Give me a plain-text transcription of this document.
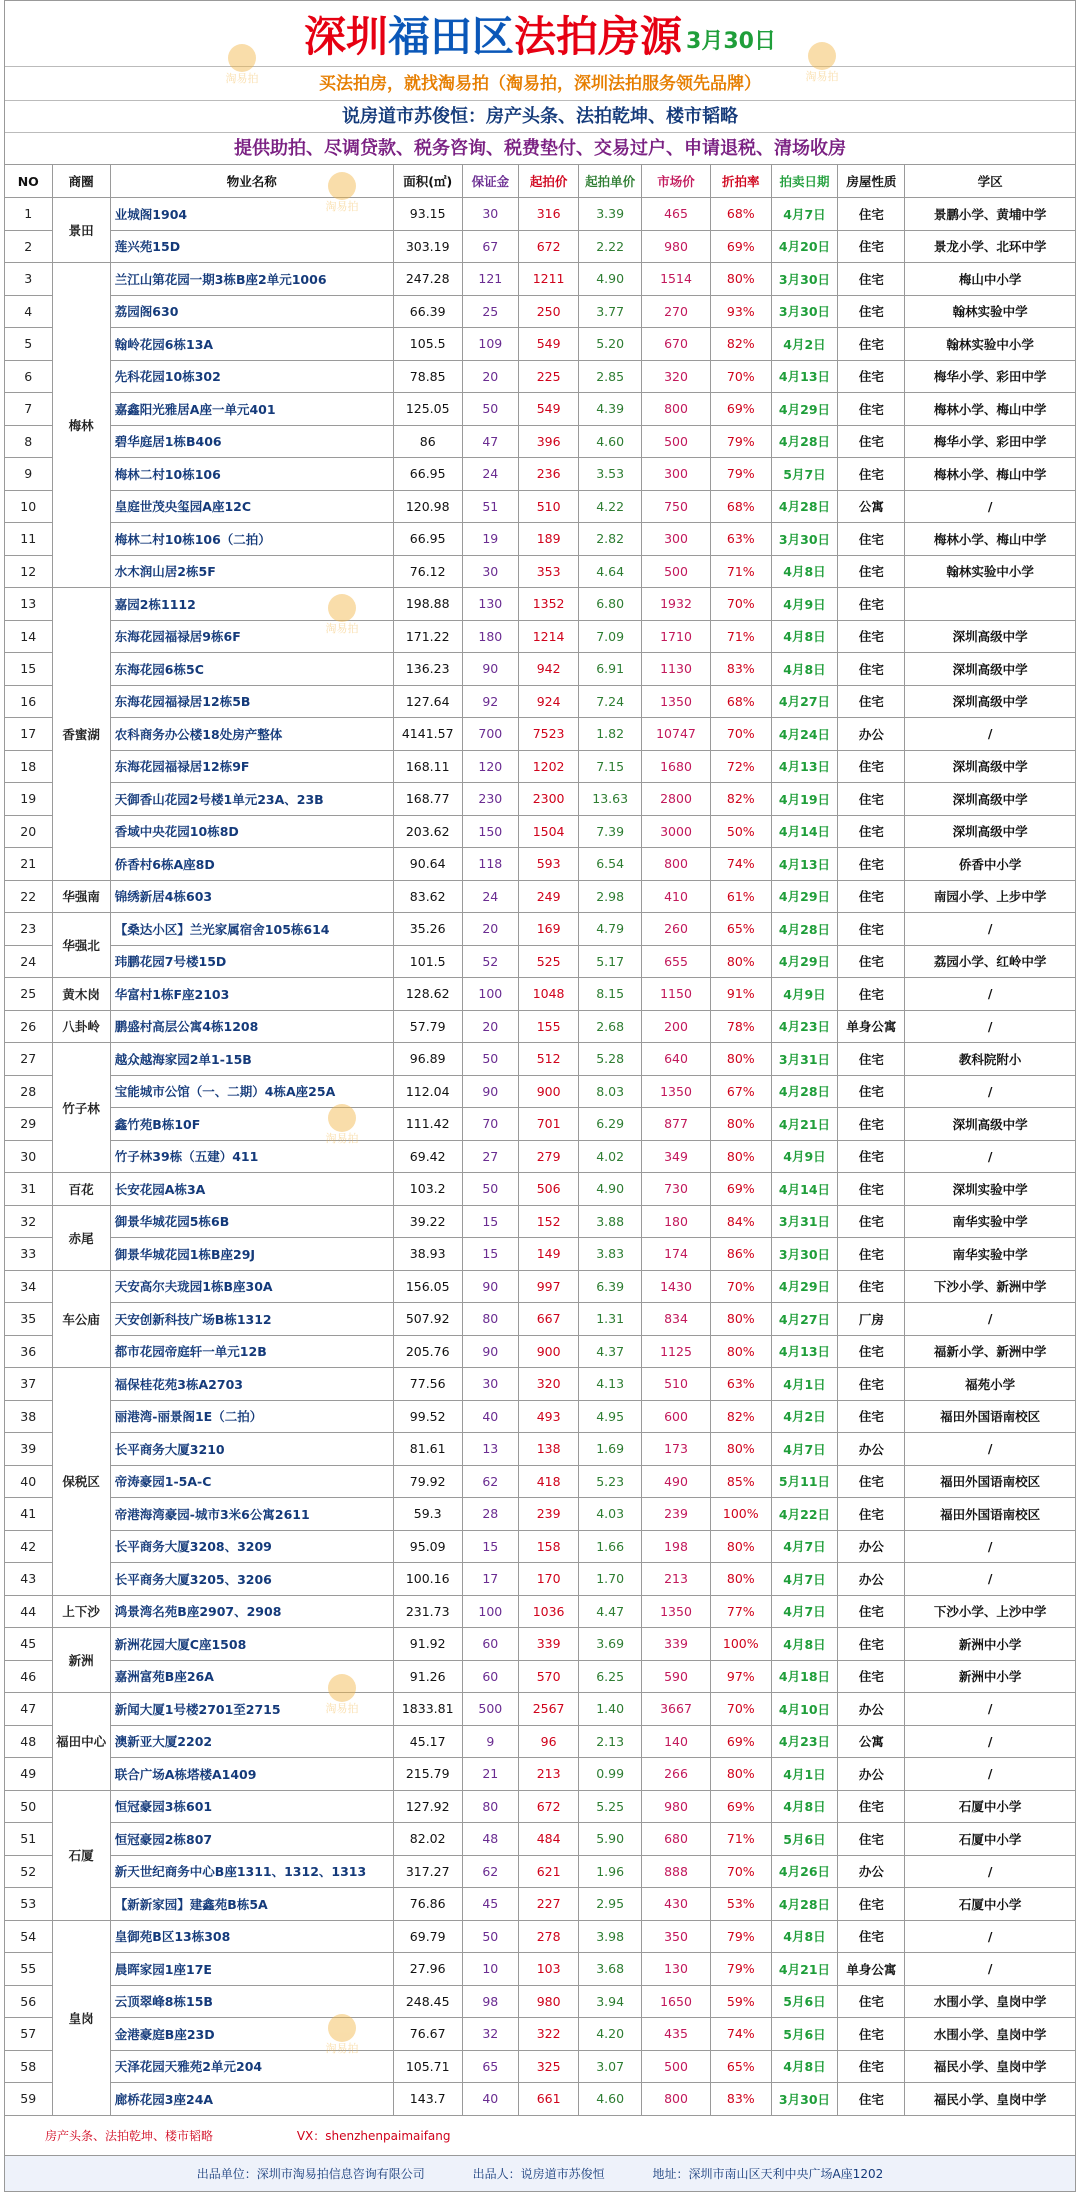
深圳 福田区 法拍房源 3月30日
买法拍房，就找淘易拍（淘易拍，深圳法拍服务领先品牌）
说房道市苏俊恒：房产头条、法拍乾坤、楼市韬略
提供助拍、尽调贷款、税务咨询、税费垫付、交易过户、申请退税、清场收房
NO	商圈	物业名称	面积(㎡)	保证金	起拍价	起拍单价	市场价	折拍率	拍卖日期	房屋性质	学区
1	景田	业城阁1904	93.15	30	316	3.39	465	68%	4月7日	住宅	景鹏小学、黄埔中学
2		莲兴苑15D	303.19	67	672	2.22	980	69%	4月20日	住宅	景龙小学、北环中学
3	梅林	兰江山第花园一期3栋B座2单元1006	247.28	121	1211	4.90	1514	80%	3月30日	住宅	梅山中小学
4		荔园阁630	66.39	25	250	3.77	270	93%	3月30日	住宅	翰林实验中学
5		翰岭花园6栋13A	105.5	109	549	5.20	670	82%	4月2日	住宅	翰林实验中小学
6		先科花园10栋302	78.85	20	225	2.85	320	70%	4月13日	住宅	梅华小学、彩田中学
7		嘉鑫阳光雅居A座一单元401	125.05	50	549	4.39	800	69%	4月29日	住宅	梅林小学、梅山中学
8		碧华庭居1栋B406	86	47	396	4.60	500	79%	4月28日	住宅	梅华小学、彩田中学
9		梅林二村10栋106	66.95	24	236	3.53	300	79%	5月7日	住宅	梅林小学、梅山中学
10		皇庭世茂央玺园A座12C	120.98	51	510	4.22	750	68%	4月28日	公寓	/
11		梅林二村10栋106（二拍）	66.95	19	189	2.82	300	63%	3月30日	住宅	梅林小学、梅山中学
12		水木润山居2栋5F	76.12	30	353	4.64	500	71%	4月8日	住宅	翰林实验中小学
13	香蜜湖	嘉园2栋1112	198.88	130	1352	6.80	1932	70%	4月9日	住宅	
14		东海花园福禄居9栋6F	171.22	180	1214	7.09	1710	71%	4月8日	住宅	深圳高级中学
15		东海花园6栋5C	136.23	90	942	6.91	1130	83%	4月8日	住宅	深圳高级中学
16		东海花园福禄居12栋5B	127.64	92	924	7.24	1350	68%	4月27日	住宅	深圳高级中学
17		农科商务办公楼18处房产整体	4141.57	700	7523	1.82	10747	70%	4月24日	办公	/
18		东海花园福禄居12栋9F	168.11	120	1202	7.15	1680	72%	4月13日	住宅	深圳高级中学
19		天御香山花园2号楼1单元23A、23B	168.77	230	2300	13.63	2800	82%	4月19日	住宅	深圳高级中学
20		香域中央花园10栋8D	203.62	150	1504	7.39	3000	50%	4月14日	住宅	深圳高级中学
21		侨香村6栋A座8D	90.64	118	593	6.54	800	74%	4月13日	住宅	侨香中小学
22	华强南	锦绣新居4栋603	83.62	24	249	2.98	410	61%	4月29日	住宅	南园小学、上步中学
23	华强北	【桑达小区】兰光家属宿舍105栋614	35.26	20	169	4.79	260	65%	4月28日	住宅	/
24		玮鹏花园7号楼15D	101.5	52	525	5.17	655	80%	4月29日	住宅	荔园小学、红岭中学
25	黄木岗	华富村1栋F座2103	128.62	100	1048	8.15	1150	91%	4月9日	住宅	/
26	八卦岭	鹏盛村高层公寓4栋1208	57.79	20	155	2.68	200	78%	4月23日	单身公寓	/
27	竹子林	越众越海家园2单1-15B	96.89	50	512	5.28	640	80%	3月31日	住宅	教科院附小
28		宝能城市公馆（一、二期）4栋A座25A	112.04	90	900	8.03	1350	67%	4月28日	住宅	/
29		鑫竹苑B栋10F	111.42	70	701	6.29	877	80%	4月21日	住宅	深圳高级中学
30		竹子林39栋（五建）411	69.42	27	279	4.02	349	80%	4月9日	住宅	/
31	百花	长安花园A栋3A	103.2	50	506	4.90	730	69%	4月14日	住宅	深圳实验中学
32	赤尾	御景华城花园5栋6B	39.22	15	152	3.88	180	84%	3月31日	住宅	南华实验中学
33		御景华城花园1栋B座29J	38.93	15	149	3.83	174	86%	3月30日	住宅	南华实验中学
34	车公庙	天安高尔夫珑园1栋B座30A	156.05	90	997	6.39	1430	70%	4月29日	住宅	下沙小学、新洲中学
35		天安创新科技广场B栋1312	507.92	80	667	1.31	834	80%	4月27日	厂房	/
36		都市花园帝庭轩一单元12B	205.76	90	900	4.37	1125	80%	4月13日	住宅	福新小学、新洲中学
37	保税区	福保桂花苑3栋A2703	77.56	30	320	4.13	510	63%	4月1日	住宅	福苑小学
38		丽港湾-丽景阁1E（二拍）	99.52	40	493	4.95	600	82%	4月2日	住宅	福田外国语南校区
39		长平商务大厦3210	81.61	13	138	1.69	173	80%	4月7日	办公	/
40		帝涛豪园1-5A-C	79.92	62	418	5.23	490	85%	5月11日	住宅	福田外国语南校区
41		帝港海湾豪园-城市3米6公寓2611	59.3	28	239	4.03	239	100%	4月22日	住宅	福田外国语南校区
42		长平商务大厦3208、3209	95.09	15	158	1.66	198	80%	4月7日	办公	/
43		长平商务大厦3205、3206	100.16	17	170	1.70	213	80%	4月7日	办公	/
44	上下沙	鸿景湾名苑B座2907、2908	231.73	100	1036	4.47	1350	77%	4月7日	住宅	下沙小学、上沙中学
45	新洲	新洲花园大厦C座1508	91.92	60	339	3.69	339	100%	4月8日	住宅	新洲中小学
46		嘉洲富苑B座26A	91.26	60	570	6.25	590	97%	4月18日	住宅	新洲中小学
47	福田中心	新闻大厦1号楼2701至2715	1833.81	500	2567	1.40	3667	70%	4月10日	办公	/
48		澳新亚大厦2202	45.17	9	96	2.13	140	69%	4月23日	公寓	/
49		联合广场A栋塔楼A1409	215.79	21	213	0.99	266	80%	4月1日	办公	/
50	石厦	恒冠豪园3栋601	127.92	80	672	5.25	980	69%	4月8日	住宅	石厦中小学
51		恒冠豪园2栋807	82.02	48	484	5.90	680	71%	5月6日	住宅	石厦中小学
52		新天世纪商务中心B座1311、1312、1313	317.27	62	621	1.96	888	70%	4月26日	办公	/
53		【新新家园】建鑫苑B栋5A	76.86	45	227	2.95	430	53%	4月28日	住宅	石厦中小学
54	皇岗	皇御苑B区13栋308	69.79	50	278	3.98	350	79%	4月8日	住宅	/
55		晨晖家园1座17E	27.96	10	103	3.68	130	79%	4月21日	单身公寓	/
56		云顶翠峰8栋15B	248.45	98	980	3.94	1650	59%	5月6日	住宅	水围小学、皇岗中学
57		金港豪庭B座23D	76.67	32	322	4.20	435	74%	5月6日	住宅	水围小学、皇岗中学
58		天泽花园天雅苑2单元204	105.71	65	325	3.07	500	65%	4月8日	住宅	福民小学、皇岗中学
59		廊桥花园3座24A	143.7	40	661	4.60	800	83%	3月30日	住宅	福民小学、皇岗中学
房产头条、法拍乾坤、楼市韬略	VX：shenzhenpaimaifang
出品单位：深圳市淘易拍信息咨询有限公司	出品人：说房道市苏俊恒	地址：深圳市南山区天利中央广场A座1202
淘易拍	淘易拍
淘易拍
淘易拍
淘易拍
淘易拍
淘易拍
